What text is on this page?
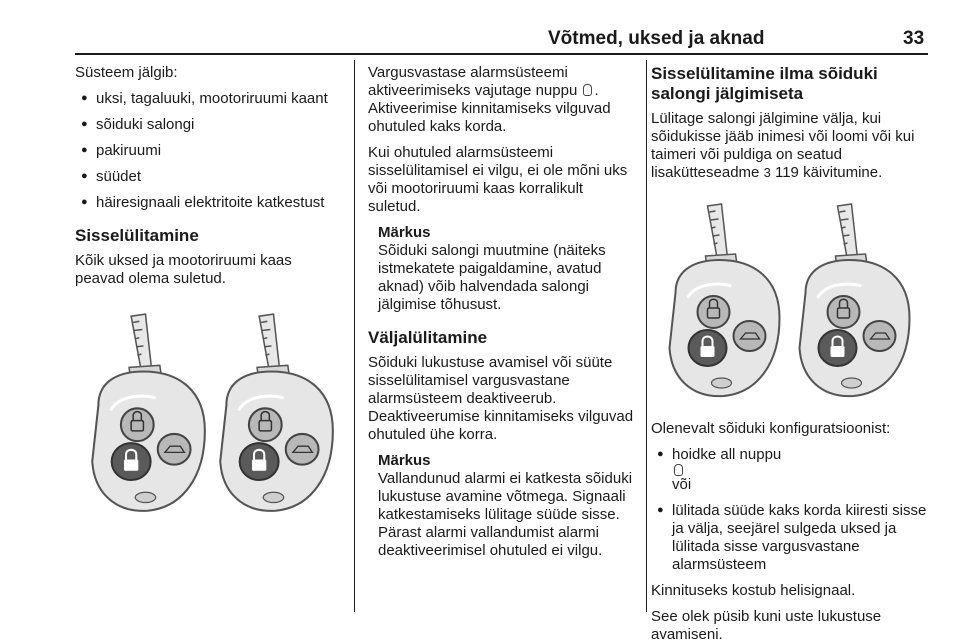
Võtmed, uksed ja aknad	33

Süsteem jälgib:

● uksi, tagaluuki, mootoriruumi kaant
● sõiduki salongi
● pakiruumi
● süüdet
● häiresignaali elektritoite katkestust
Sisselülitamine

Kõik uksed ja mootoriruumi kaas peavad olema suletud.

Vargusvastase alarmsüsteemi aktiveerimiseks vajutage nuppu . Aktiveerimise kinnitamiseks vilguvad ohutuled kaks korda.

Kui ohutuled alarmsüsteemi sisselülitamisel ei vilgu, ei ole mõni uks või mootoriruumi kaas korralikult suletud.

Märkus
Sõiduki salongi muutmine (näiteks istmekatete paigaldamine, avatud aknad) võib halvendada salongi jälgimise tõhusust.
Väljalülitamine

Sõiduki lukustuse avamisel või süüte sisselülitamisel vargusvastane alarmsüsteem deaktiveerub. Deaktiveerumise kinnitamiseks vilguvad ohutuled ühe korra.

Märkus
Vallandunud alarmi ei katkesta sõiduki lukustuse avamine võtmega. Signaali katkestamiseks lülitage süüde sisse. Pärast alarmi vallandumist alarmi deaktiveerimisel ohutuled ei vilgu.
Sisselülitamine ilma sõiduki salongi jälgimiseta

Lülitage salongi jälgimine välja, kui sõidukisse jääb inimesi või loomi või kui taimeri või puldiga on seatud lisakütteseadme 3 119 käivitumine.

Olenevalt sõiduki konfiguratsioonist:

● hoidke all nuppu
või
● lülitada süüde kaks korda kiiresti sisse ja välja, seejärel sulgeda uksed ja lülitada sisse vargusvastane alarmsüsteem

Kinnituseks kostub helisignaal.

See olek püsib kuni uste lukustuse avamiseni.
